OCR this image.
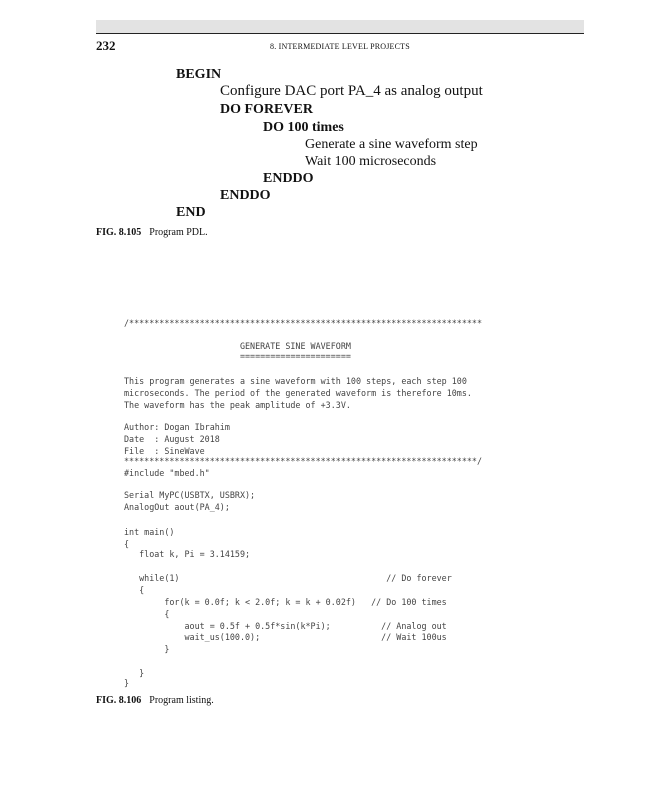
232	8. INTERMEDIATE LEVEL PROJECTS
BEGIN
Configure DAC port PA_4 as analog output
DO FOREVER
DO 100 times
Generate a sine waveform step
Wait 100 microseconds
ENDDO
ENDDO
END
FIG. 8.105 Program PDL.
/**********************************************************************
GENERATE SINE WAVEFORM
======================
This program generates a sine waveform with 100 steps, each step 100
microseconds. The period of the generated waveform is therefore 10ms.
The waveform has the peak amplitude of +3.3V.
Author: Dogan Ibrahim
Date  : August 2018
File  : SineWave
**********************************************************************/
#include "mbed.h"
Serial MyPC(USBTX, USBRX);
AnalogOut aout(PA_4);
int main()
{
float k, Pi = 3.14159;
while(1)                                         // Do forever
{
for(k = 0.0f; k < 2.0f; k = k + 0.02f)   // Do 100 times
{
aout = 0.5f + 0.5f*sin(k*Pi);          // Analog out
wait_us(100.0);                        // Wait 100us
}
}
}
FIG. 8.106 Program listing.
